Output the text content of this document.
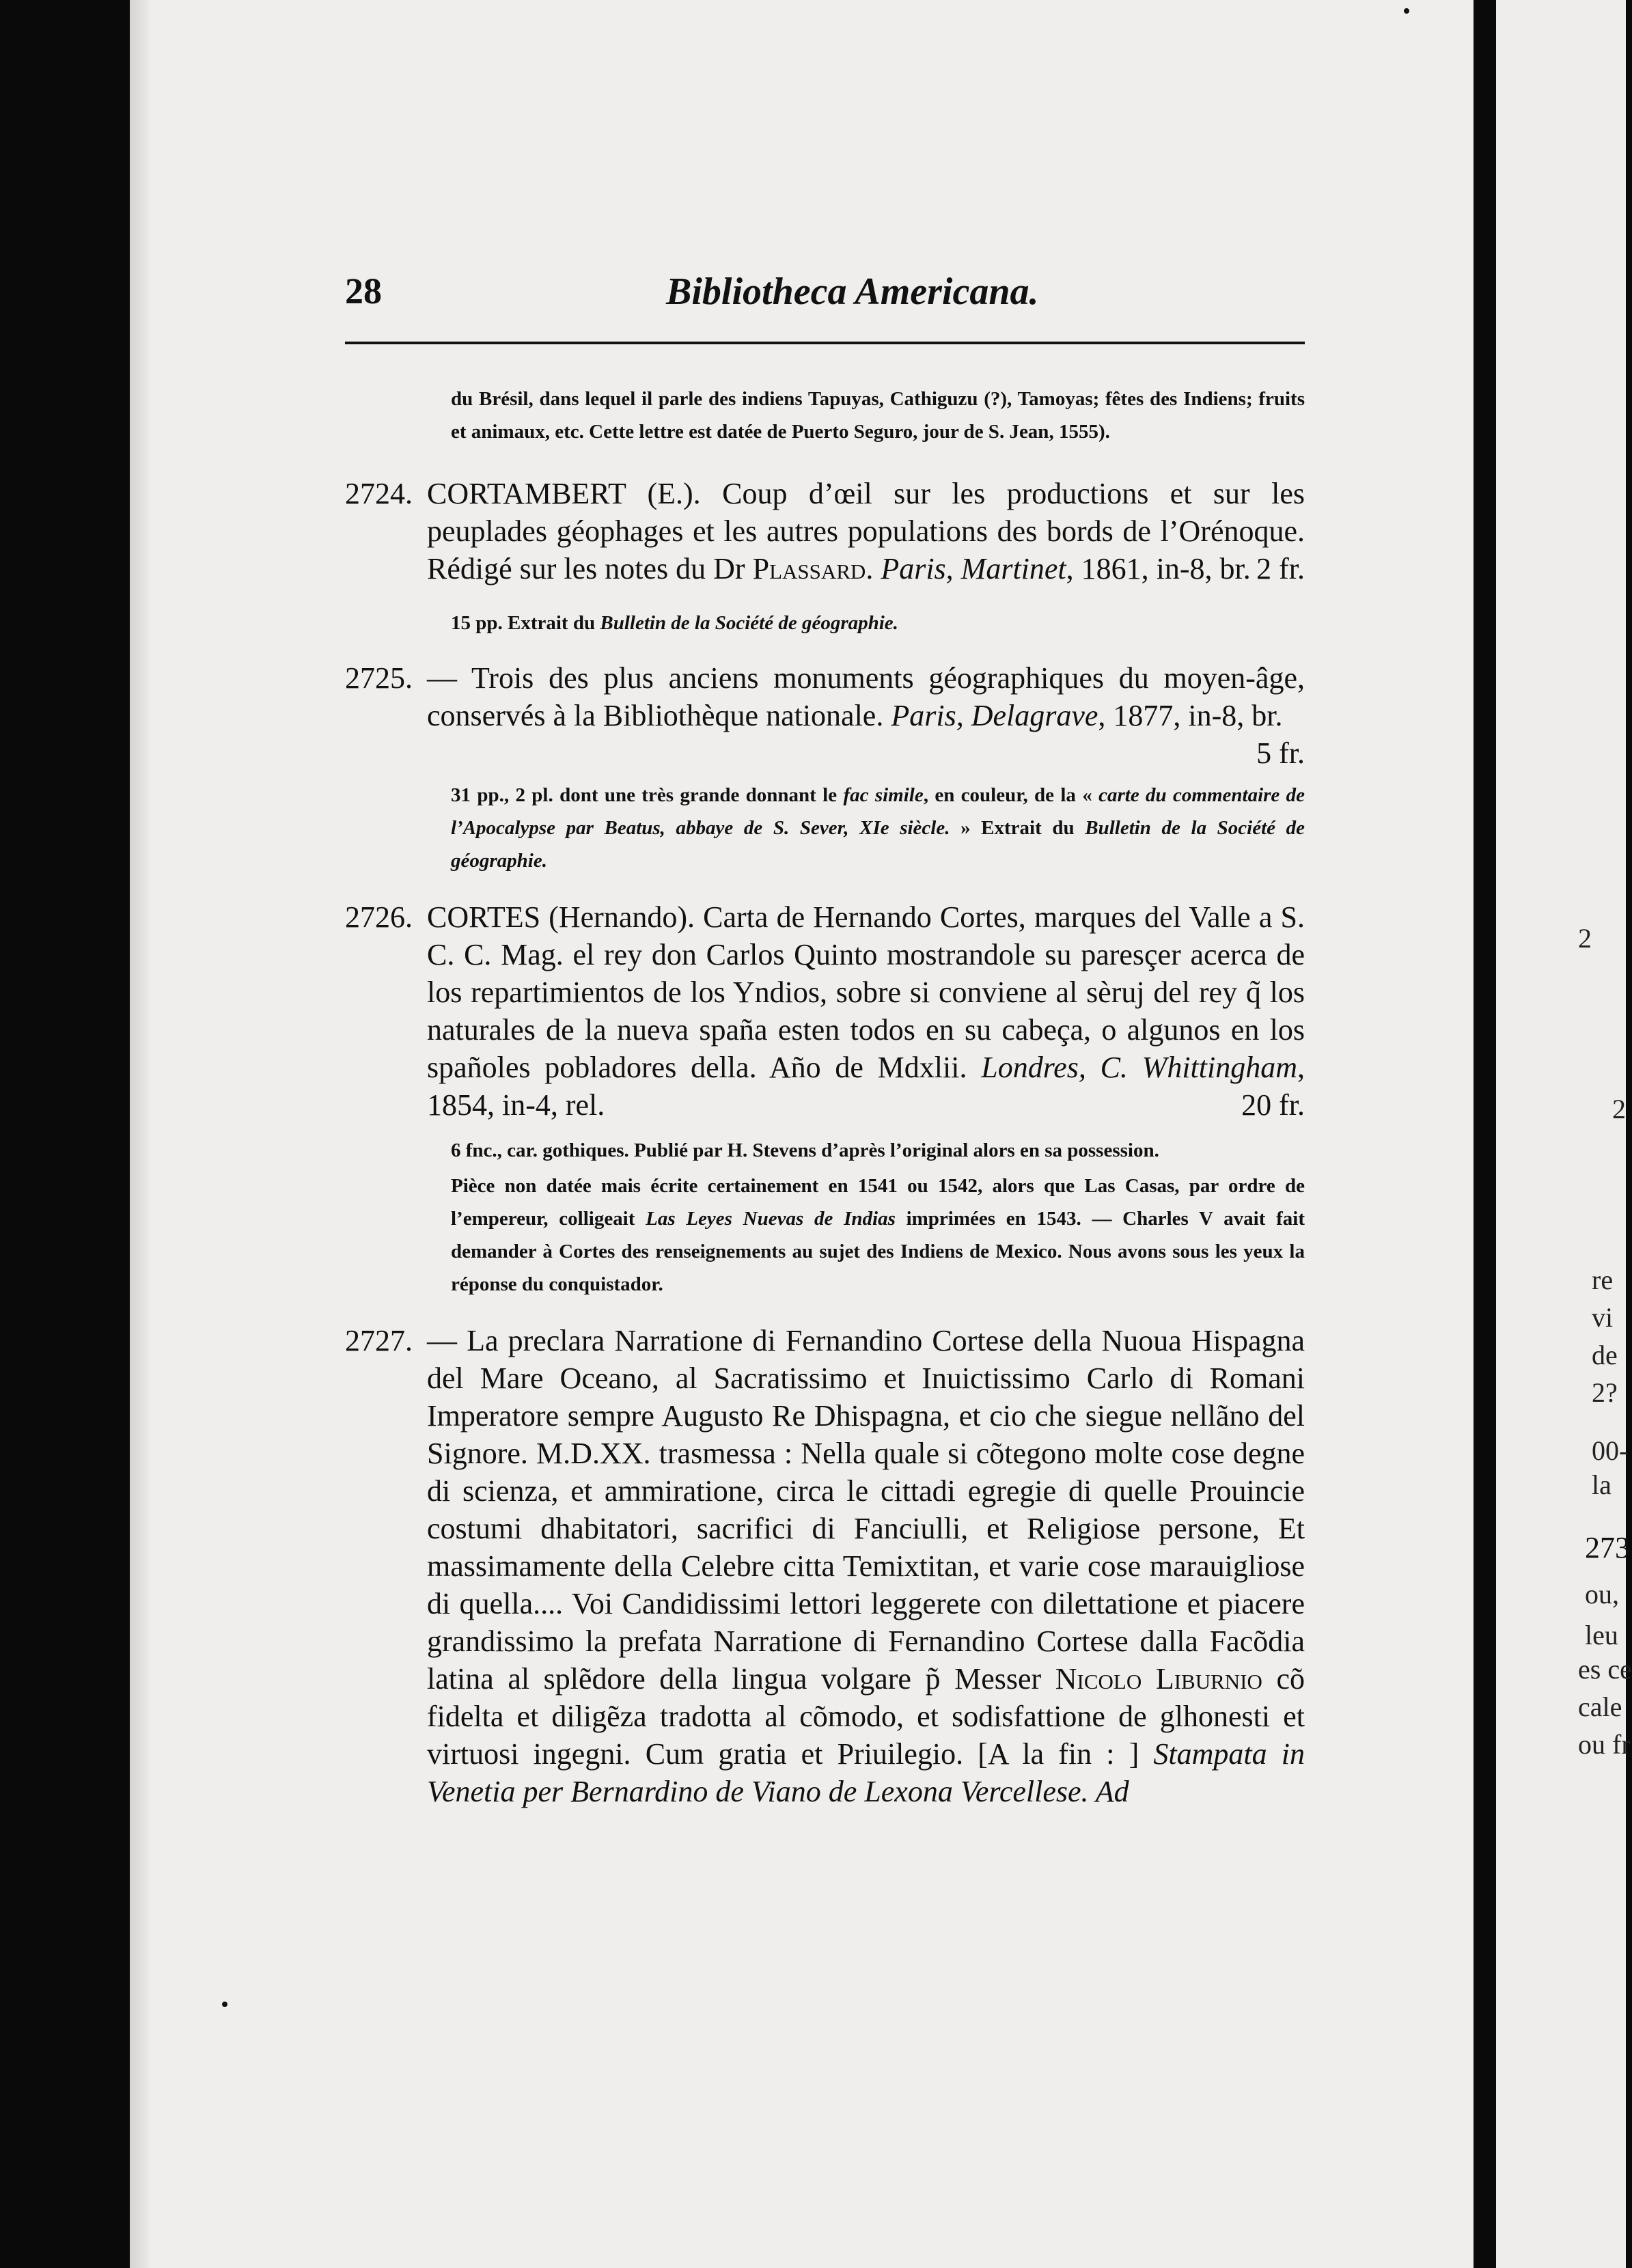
2
2
re
vi
de
2?
00-
la
ou,
leu
es ce
cale
ou fr
273
28	Bibliotheca Americana.
du Brésil, dans lequel il parle des indiens Tapuyas, Cathiguzu (?), Tamoyas; fêtes des Indiens; fruits et animaux, etc. Cette lettre est datée de Puerto Seguro, jour de S. Jean, 1555).
2724. CORTAMBERT (E.). Coup d’œil sur les productions et sur les peuplades géophages et les autres populations des bords de l’Orénoque. Rédigé sur les notes du Dr Plassard. Paris, Martinet, 1861, in-8, br. 2 fr.
15 pp. Extrait du Bulletin de la Société de géographie.
2725. — Trois des plus anciens monuments géographiques du moyen-âge, conservés à la Bibliothèque nationale. Paris, Delagrave, 1877, in-8, br.
5 fr.
31 pp., 2 pl. dont une très grande donnant le fac simile, en couleur, de la « carte du commentaire de l’Apocalypse par Beatus, abbaye de S. Sever, XIe siècle. » Extrait du Bulletin de la Société de géographie.
2726. CORTES (Hernando). Carta de Hernando Cortes, marques del Valle a S. C. C. Mag. el rey don Carlos Quinto mostrandole su paresçer acerca de los repartimientos de los Yndios, sobre si conviene al sèruj del rey q̃ los naturales de la nueva spaña esten todos en su cabeça, o algunos en los spañoles pobladores della. Año de Mdxlii. Londres, C. Whittingham, 1854, in-4, rel.	20 fr.
6 fnc., car. gothiques. Publié par H. Stevens d’après l’original alors en sa possession.
Pièce non datée mais écrite certainement en 1541 ou 1542, alors que Las Casas, par ordre de l’empereur, colligeait Las Leyes Nuevas de Indias imprimées en 1543. — Charles V avait fait demander à Cortes des renseignements au sujet des Indiens de Mexico. Nous avons sous les yeux la réponse du conquistador.
2727. — La preclara Narratione di Fernandino Cortese della Nuoua Hispagna del Mare Oceano, al Sacratissimo et Inuictissimo Carlo di Romani Imperatore sempre Augusto Re Dhispagna, et cio che siegue nellãno del Signore. M.D.XX. trasmessa : Nella quale si cõtegono molte cose degne di scienza, et ammiratione, circa le cittadi egregie di quelle Prouincie costumi dhabitatori, sacrifici di Fanciulli, et Religiose persone, Et massimamente della Celebre citta Temixtitan, et varie cose marauigliose di quella.... Voi Candidissimi lettori leggerete con dilettatione et piacere grandissimo la prefata Narratione di Fernandino Cortese dalla Facõdia latina al splẽdore della lingua volgare p̃ Messer Nicolo Liburnio cõ fidelta et diligẽza tradotta al cõmodo, et sodisfattione de glhonesti et virtuosi ingegni. Cum gratia et Priuilegio. [A la fin : ] Stampata in Venetia per Bernardino de Viano de Lexona Vercellese. Ad
